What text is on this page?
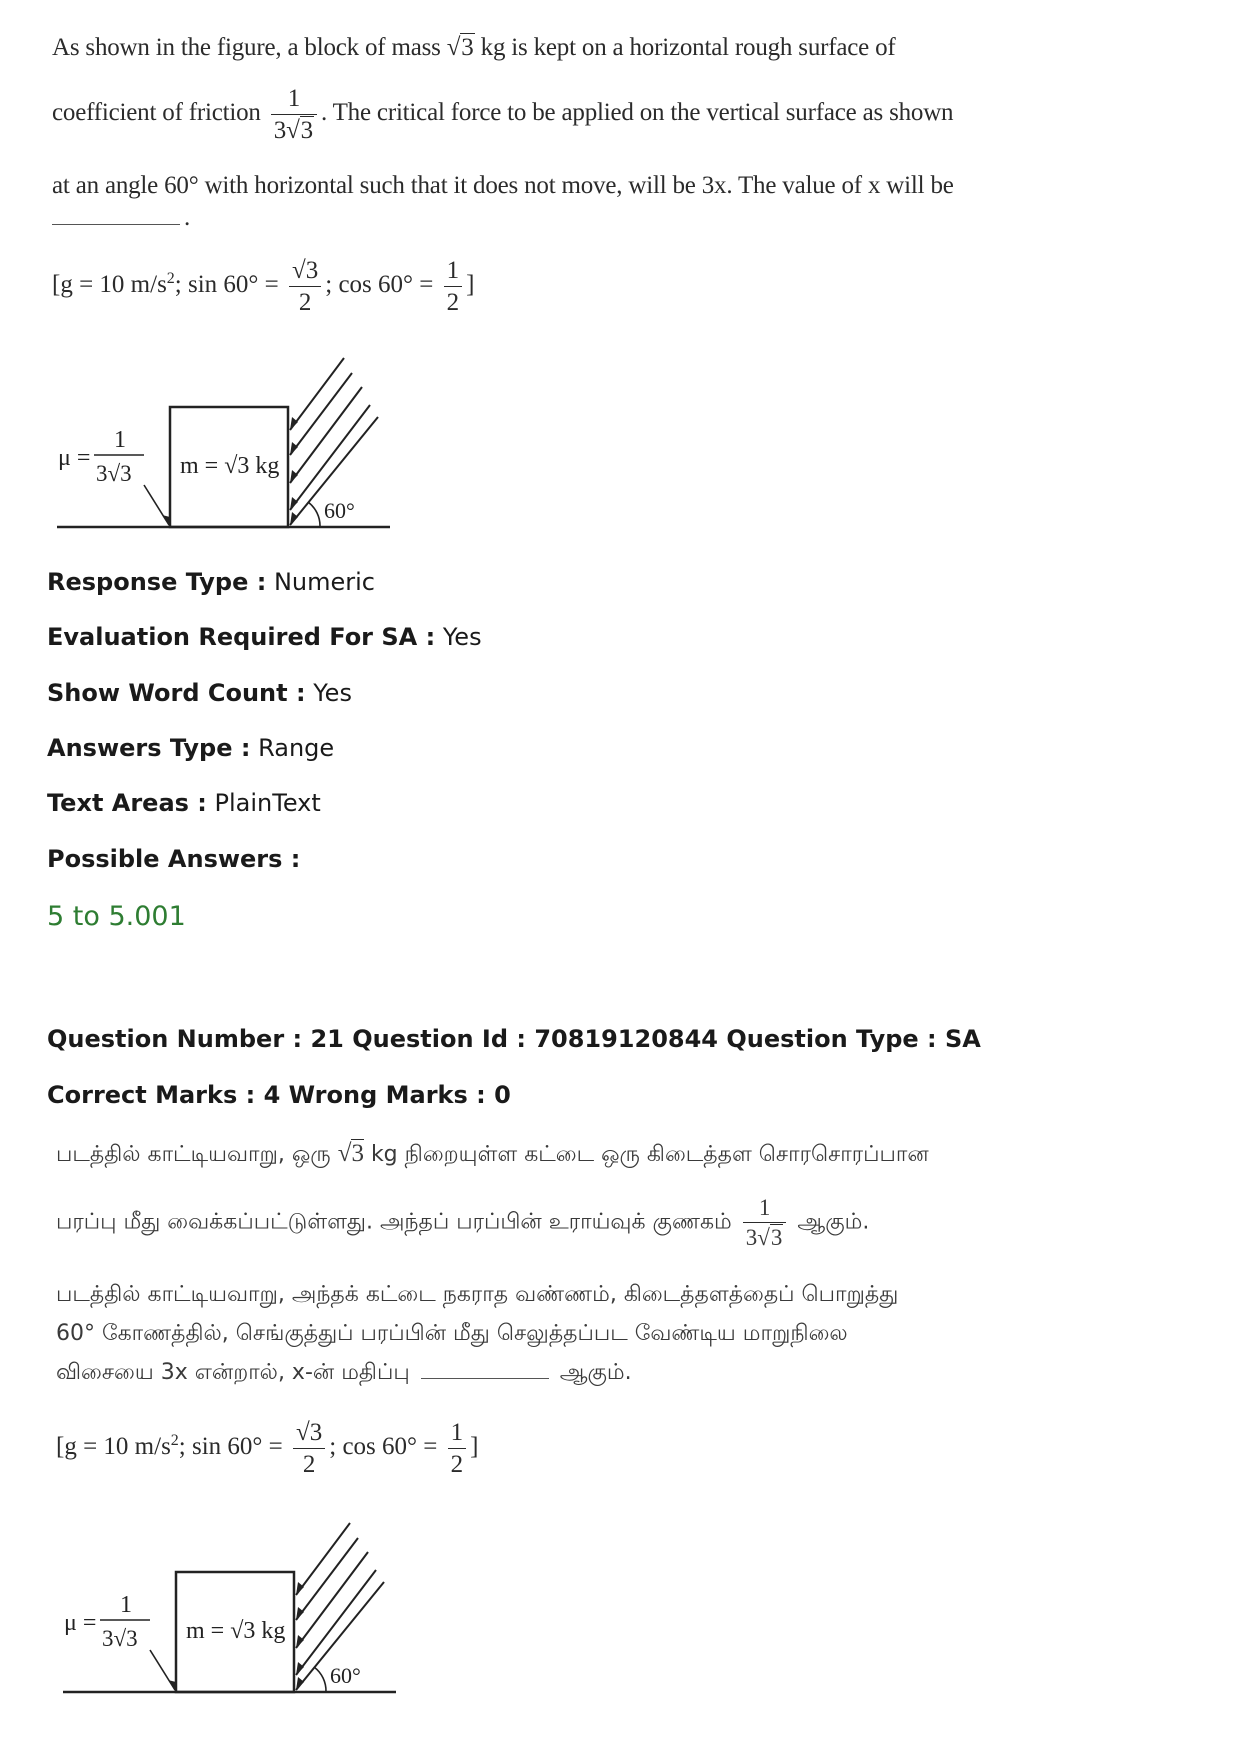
As shown in the figure, a block of mass √3 kg is kept on a horizontal rough surface of
coefficient of friction $\frac{1}{3√3}$ . The critical force to be applied on the vertical surface as shown
at an angle 60° with horizontal such that it does not move, will be 3x. The value of x will be
.
[g = 10 $m/s^2$; $\sin 60^\circ = \frac{√3}{2}$ ; $\cos 60^\circ = \frac{1}{2}$ ]
μ =
1
3√3 m = √3 kg
60°
Response Type : Numeric
Evaluation Required For SA : Yes
Show Word Count : Yes
Answers Type : Range
Text Areas : PlainText
Possible Answers :
5 to 5.001
Question Number : 21 Question Id : 70819120844 Question Type : SA
Correct Marks : 4 Wrong Marks : 0
படத்தில் காட்டியவாறு, ஒரு √3 kg நிறையுள்ள கட்டை ஒரு கிடைத்தள சொரசொரப்பான
பரப்பு மீது வைக்கப்பட்டுள்ளது. அந்தப் பரப்பின் உராய்வுக் குணகம் $\frac{1}{3√3}$ ஆகும்.
படத்தில் காட்டியவாறு, அந்தக் கட்டை நகராத வண்ணம், கிடைத்தளத்தைப் பொறுத்து
60° கோணத்தில், செங்குத்துப் பரப்பின் மீது செலுத்தப்பட வேண்டிய மாறுநிலை
விசையை 3x என்றால், x-ன் மதிப்பு	ஆகும்.
[g = 10 $m/s^2$; $\sin 60^\circ = \frac{√3}{2}$ ; $\cos 60^\circ = \frac{1}{2}$ ]
μ =
1
3√3 m = √3 kg
60°
